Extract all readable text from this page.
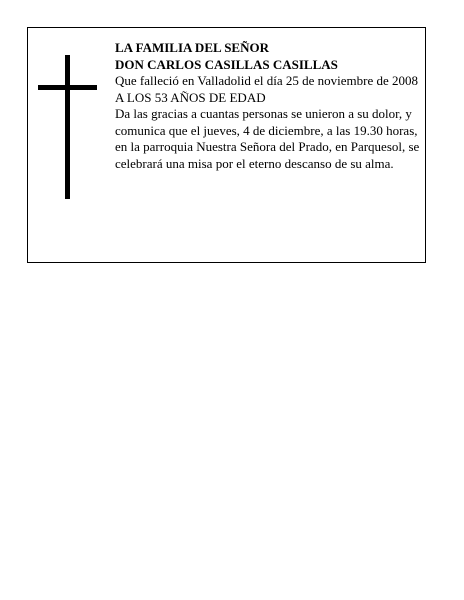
LA FAMILIA DEL SEÑOR

DON CARLOS CASILLAS CASILLAS

Que falleció en Valladolid el día 25 de noviembre de 2008

A LOS 53 AÑOS DE EDAD

Da las gracias a cuantas personas se unieron a su dolor, y comunica que el jueves, 4 de diciembre, a las 19.30 horas, en la parroquia Nuestra Señora del Prado, en Parquesol, se celebrará una misa por el eterno descanso de su alma.
